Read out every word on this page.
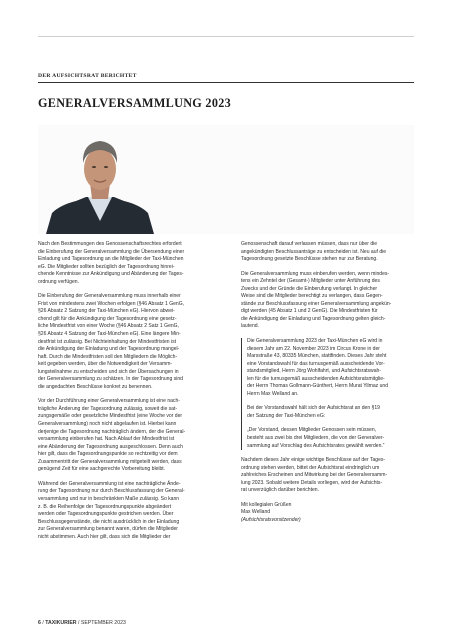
DER AUFSICHTSRAT BERICHTET
GENERALVERSAMMLUNG 2023

Nach den Bestimmungen des Genossenschaftsrechtes erfordert
die Einberufung der Generalversammlung die Übersendung einer
Einladung und Tagesordnung an die Mitglieder der Taxi-München
eG. Die Mitglieder sollten bezüglich der Tagesordnung hinrei-
chende Kenntnisse zur Ankündigung und Abänderung der Tages-
ordnung verfügen.

Die Einberufung der Generalversammlung muss innerhalb einer
Frist von mindestens zwei Wochen erfolgen (§46 Absatz 1 GenG,
§26 Absatz 2 Satzung der Taxi-München eG). Hiervon abwei-
chend gilt für die Ankündigung der Tagesordnung eine gesetz-
liche Mindestfrist von einer Woche (§46 Absatz 2 Satz 1 GenG,
§26 Absatz 4 Satzung der Taxi-München eG). Eine längere Min-
destfrist ist zulässig. Bei Nichteinhaltung der Mindestfristen ist
die Ankündigung der Einladung und der Tagesordnung mangel-
haft. Durch die Mindestfristen soll den Mitgliedern die Möglich-
keit gegeben werden, über die Notwendigkeit der Versamm-
lungsteilnahme zu entscheiden und sich der Übersachungen in
der Generalversammlung zu schätzen. In der Tagesordnung sind
die angedachten Beschlüsse konkret zu benennen.

Vor der Durchführung einer Generalversammlung ist eine nach-
trägliche Änderung der Tagesordnung zulässig, soweit die sat-
zungsgemäße oder gesetzliche Mindestfrist (eine Woche vor der
Generalversammlung) noch nicht abgelaufen ist. Hierbei kann
derjenige die Tagesordnung nachträglich ändern, der die General-
versammlung einberufen hat. Nach Ablauf der Mindestfrist ist
eine Abänderung der Tagesordnung ausgeschlossen. Denn auch
hier gilt, dass die Tagesordnungspunkte so rechtzeitig vor dem
Zusammentritt der Generalversammlung mitgeteilt werden, dass
genügend Zeit für eine sachgerechte Vorbereitung bleibt.

Während der Generalversammlung ist eine nachträgliche Ände-
rung der Tagesordnung nur durch Beschlussfassung der General-
versammlung und nur in beschränkten Maße zulässig. So kann
z. B. die Reihenfolge der Tagesordnungspunkte abgeändert
werden oder Tagesordnungspunkte gestrichen werden. Über
Beschlussgegenstände, die nicht ausdrücklich in der Einladung
zur Generalversammlung benannt waren, dürfen die Mitglieder
nicht abstimmen. Auch hier gilt, dass sich die Mitglieder der

Genossenschaft darauf verlassen müssen, dass nur über die
angekündigten Beschlussanträge zu entscheiden ist. Neu auf die
Tagesordnung gesetzte Beschlüsse stehen nur zur Beratung.

Die Generalversammlung muss einberufen werden, wenn mindes-
tens ein Zehntel der (Gesamt-) Mitglieder unter Anführung des
Zwecks und der Gründe die Einberufung verlangt. In gleicher
Weise sind die Mitglieder berechtigt zu verlangen, dass Gegen-
stände zur Beschlussfassung einer Generalversammlung angekün-
digt werden (45 Absatz 1 und 2 GenG). Die Mindestfristen für
die Ankündigung der Einladung und Tagesordnung gelten gleich-
lautend.

Die Generalversammlung 2023 der Taxi-München eG wird in
diesem Jahr am 22. November 2023 im Circus Krone in der
Marsstraße 43, 80335 München, stattfinden. Dieses Jahr steht
eine Vorstandswahl für das turnusgemäß ausscheidende Vor-
standsmitglied, Herrn Jörg Wohlfahrt, und Aufsichtsratswah-
len für die turnusgemäß ausscheidenden Aufsichtsratsmitglie-
der Herrn Thomas Gollmann-Günthert, Herrn Murat Yilmaz und
Herrn Max Welland an.

Bei der Vorstandswahl hält sich der Aufsichtsrat an den §19
der Satzung der Taxi-München eG:

„Der Vorstand, dessen Mitglieder Genossen sein müssen,
besteht aus zwei bis drei Mitgliedern, die von der Generalver-
sammlung auf Vorschlag des Aufsichtsrates gewählt werden.“

Nachdem dieses Jahr einige wichtige Beschlüsse auf der Tages-
ordnung stehen werden, bittet der Aufsichtsrat eindringlich um
zahlreiches Erscheinen und Mitwirkung bei der Generalversamm-
lung 2023. Sobald weitere Details vorliegen, wird der Aufsichts-
rat unverzüglich darüber berichten.

Mit kollegialen Grüßen

Max Welland

(Aufsichtsratsvorsitzender)

6 / TAXIKURIER / SEPTEMBER 2023
